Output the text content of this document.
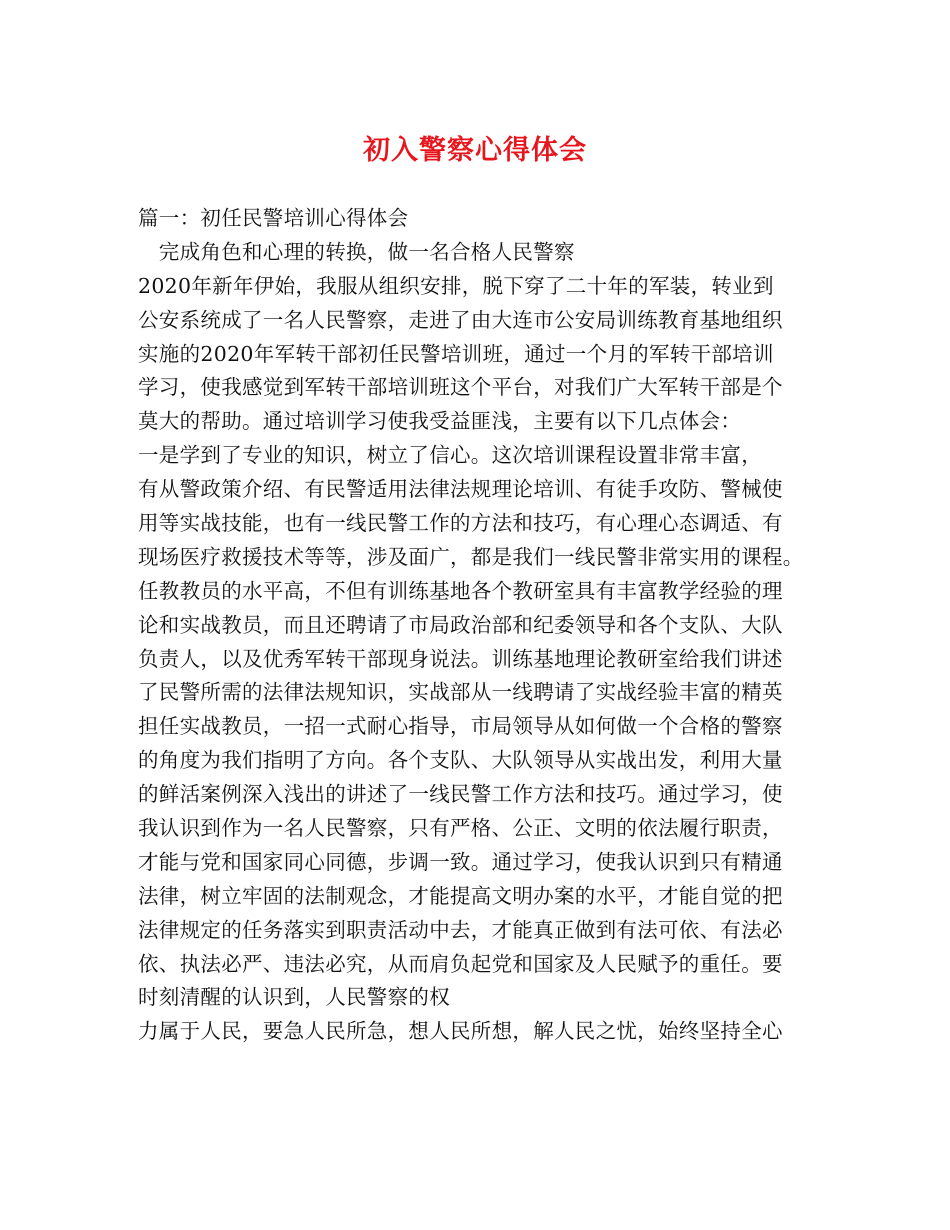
初入警察心得体会
篇一：初任民警培训心得体会
　完成角色和心理的转换，做一名合格人民警察
2020年新年伊始，我服从组织安排，脱下穿了二十年的军装，转业到
公安系统成了一名人民警察，走进了由大连市公安局训练教育基地组织
实施的2020年军转干部初任民警培训班，通过一个月的军转干部培训
学习，使我感觉到军转干部培训班这个平台，对我们广大军转干部是个
莫大的帮助。通过培训学习使我受益匪浅，主要有以下几点体会：
一是学到了专业的知识，树立了信心。这次培训课程设置非常丰富，
有从警政策介绍、有民警适用法律法规理论培训、有徒手攻防、警械使
用等实战技能，也有一线民警工作的方法和技巧，有心理心态调适、有
现场医疗救援技术等等，涉及面广，都是我们一线民警非常实用的课程。
任教教员的水平高，不但有训练基地各个教研室具有丰富教学经验的理
论和实战教员，而且还聘请了市局政治部和纪委领导和各个支队、大队
负责人，以及优秀军转干部现身说法。训练基地理论教研室给我们讲述
了民警所需的法律法规知识，实战部从一线聘请了实战经验丰富的精英
担任实战教员，一招一式耐心指导，市局领导从如何做一个合格的警察
的角度为我们指明了方向。各个支队、大队领导从实战出发，利用大量
的鲜活案例深入浅出的讲述了一线民警工作方法和技巧。通过学习，使
我认识到作为一名人民警察，只有严格、公正、文明的依法履行职责，
才能与党和国家同心同德，步调一致。通过学习，使我认识到只有精通
法律，树立牢固的法制观念，才能提高文明办案的水平，才能自觉的把
法律规定的任务落实到职责活动中去，才能真正做到有法可依、有法必
依、执法必严、违法必究，从而肩负起党和国家及人民赋予的重任。要
时刻清醒的认识到，人民警察的权
力属于人民，要急人民所急，想人民所想，解人民之忧，始终坚持全心
